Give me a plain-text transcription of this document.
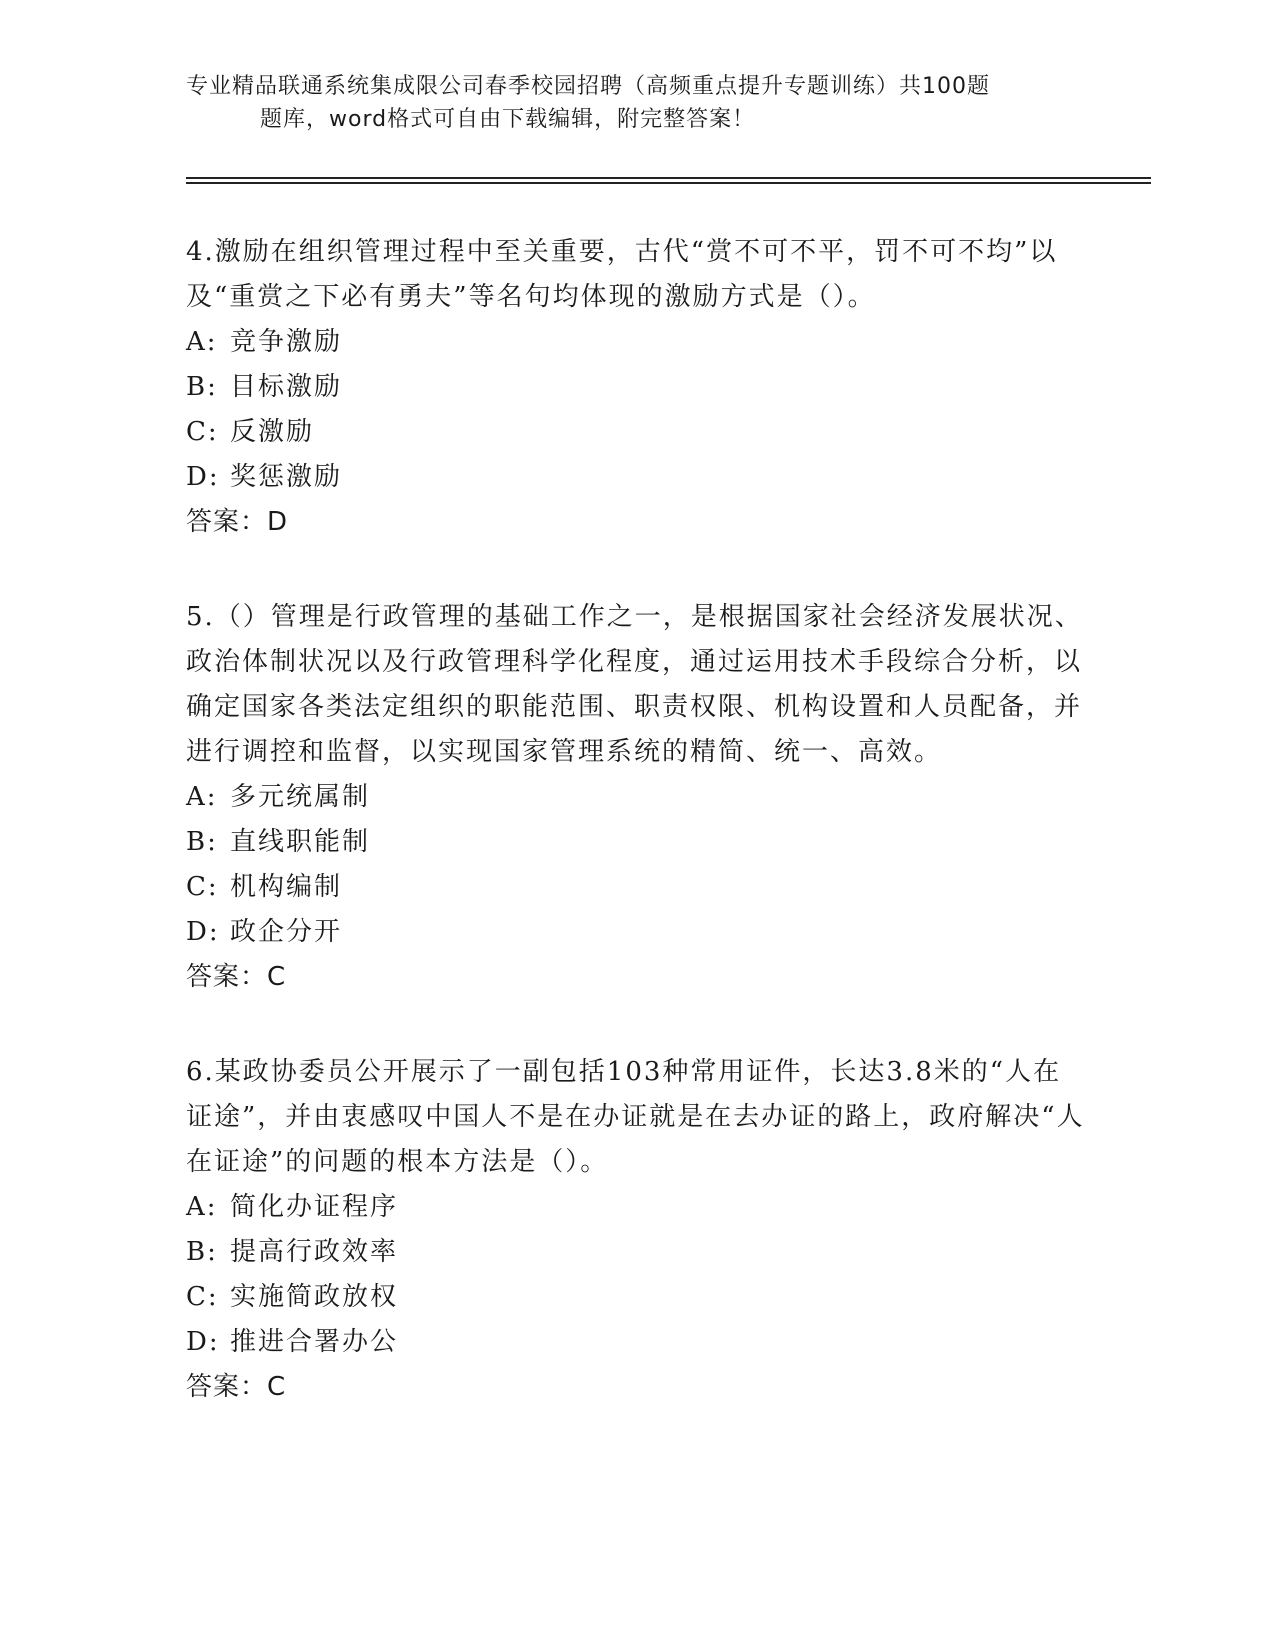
专业精品联通系统集成限公司春季校园招聘（高频重点提升专题训练）共100题
题库，word格式可自由下载编辑，附完整答案！

4.激励在组织管理过程中至关重要，古代“赏不可不平，罚不可不均”以及“重赏之下必有勇夫”等名句均体现的激励方式是（）。

A: 竞争激励

B: 目标激励

C: 反激励

D: 奖惩激励

答案：D

5.（）管理是行政管理的基础工作之一，是根据国家社会经济发展状况、政治体制状况以及行政管理科学化程度，通过运用技术手段综合分析，以确定国家各类法定组织的职能范围、职责权限、机构设置和人员配备，并进行调控和监督，以实现国家管理系统的精简、统一、高效。

A: 多元统属制

B: 直线职能制

C: 机构编制

D: 政企分开

答案：C

6.某政协委员公开展示了一副包括103种常用证件，长达3.8米的“人在证途”，并由衷感叹中国人不是在办证就是在去办证的路上，政府解决“人在证途”的问题的根本方法是（）。

A: 简化办证程序

B: 提高行政效率

C: 实施简政放权

D: 推进合署办公

答案：C
